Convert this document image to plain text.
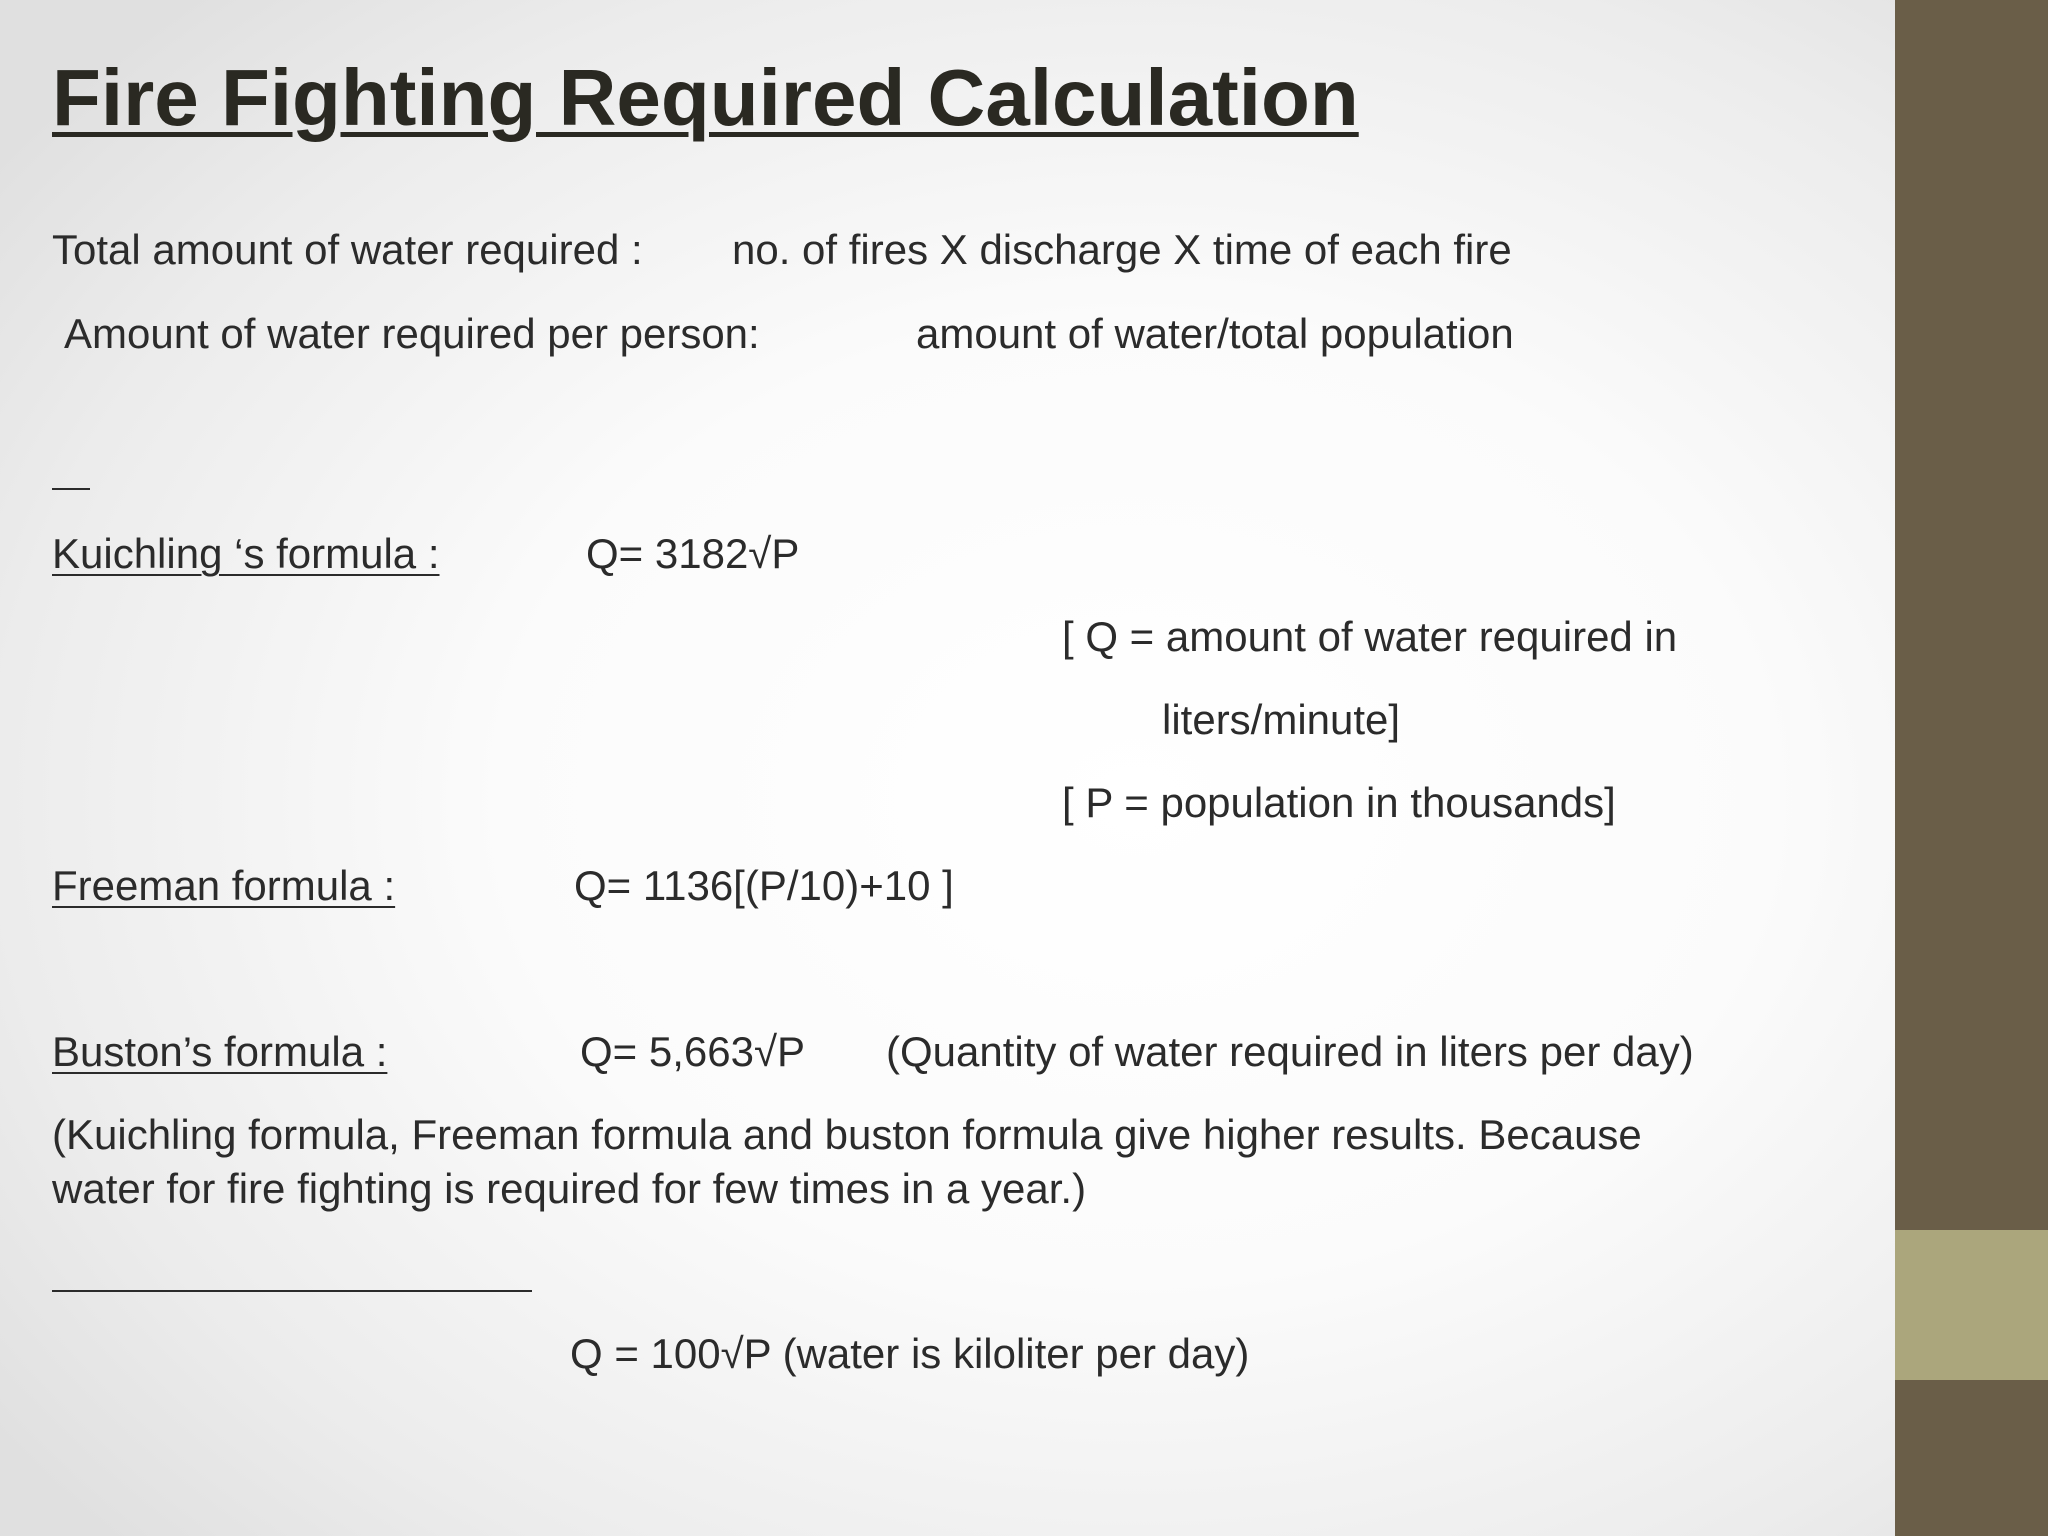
Fire Fighting Required Calculation
Total amount of water required : no. of fires X discharge X time of each fire
Amount of water required per person:	amount of water/total population
Kuichling ‘s formula :	Q= 3182√P
[ Q = amount of water required in
liters/minute]
[ P = population in thousands]
Freeman formula :	Q= 1136[(P/10)+10 ]
Buston’s formula :	Q= 5,663√P (Quantity of water required in liters per day)
(Kuichling formula, Freeman formula and buston formula give higher results. Because
water for fire fighting is required for few times in a year.)
Q = 100√P (water is kiloliter per day)
